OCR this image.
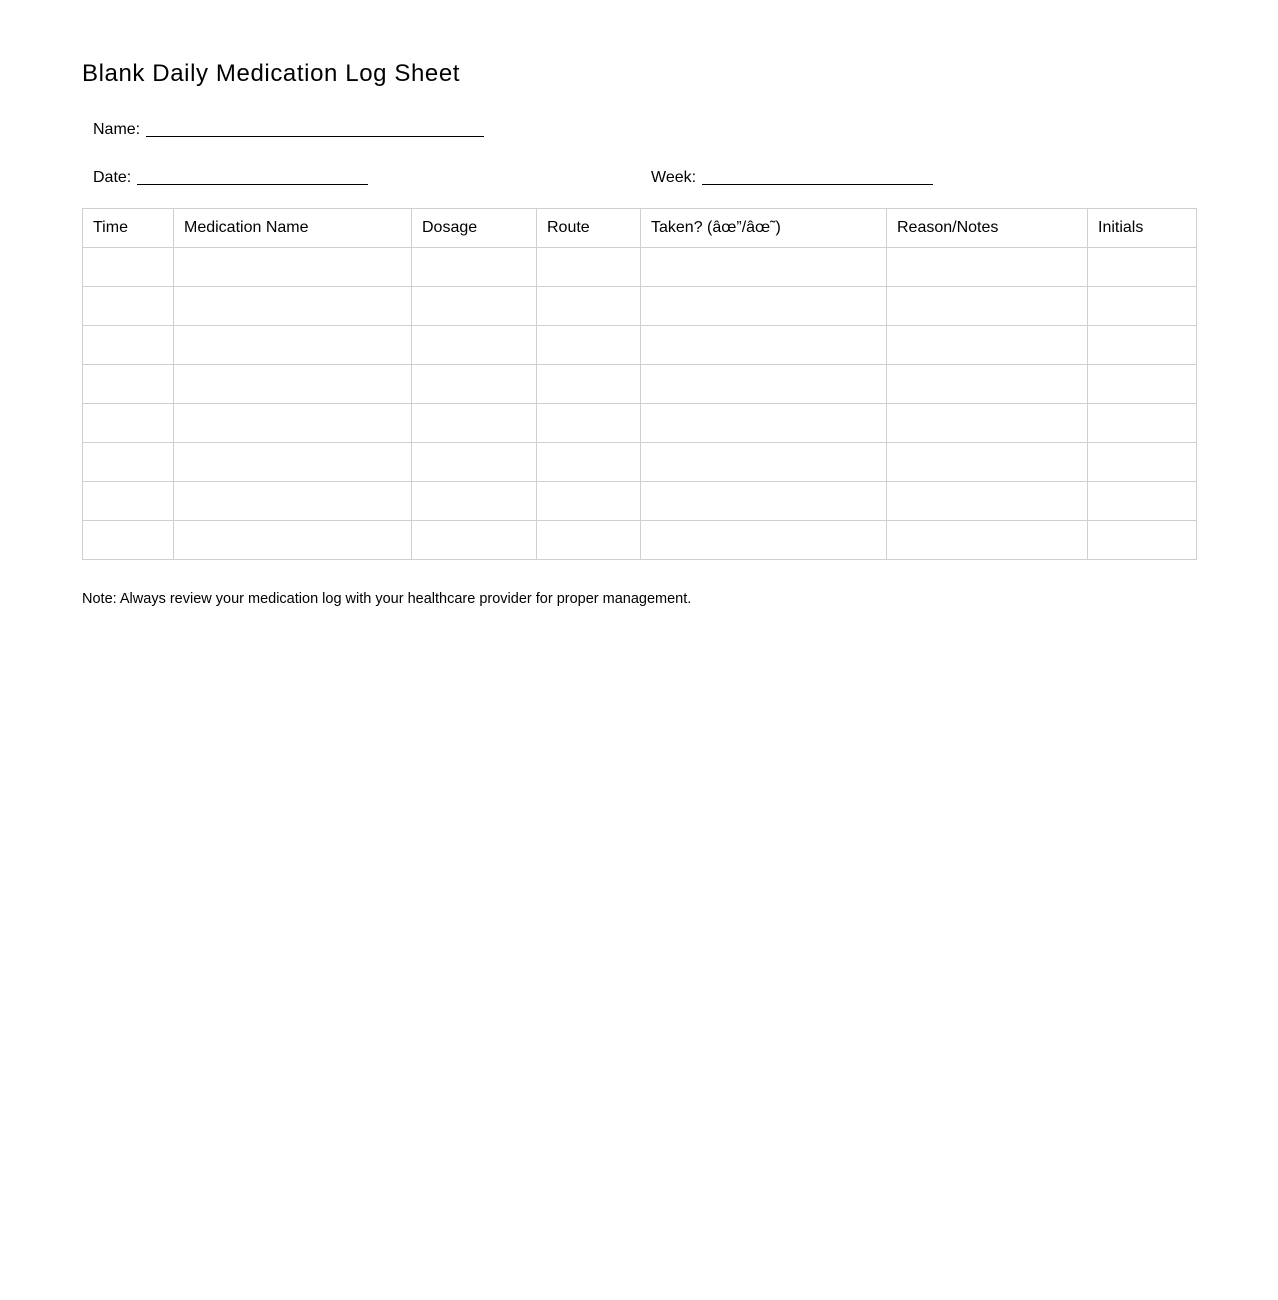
Blank Daily Medication Log Sheet
Name:
Date:	Week:
Time	Medication Name	Dosage	Route	Taken? (âœ”/âœ˜)	Reason/Notes	Initials

Note: Always review your medication log with your healthcare provider for proper management.
